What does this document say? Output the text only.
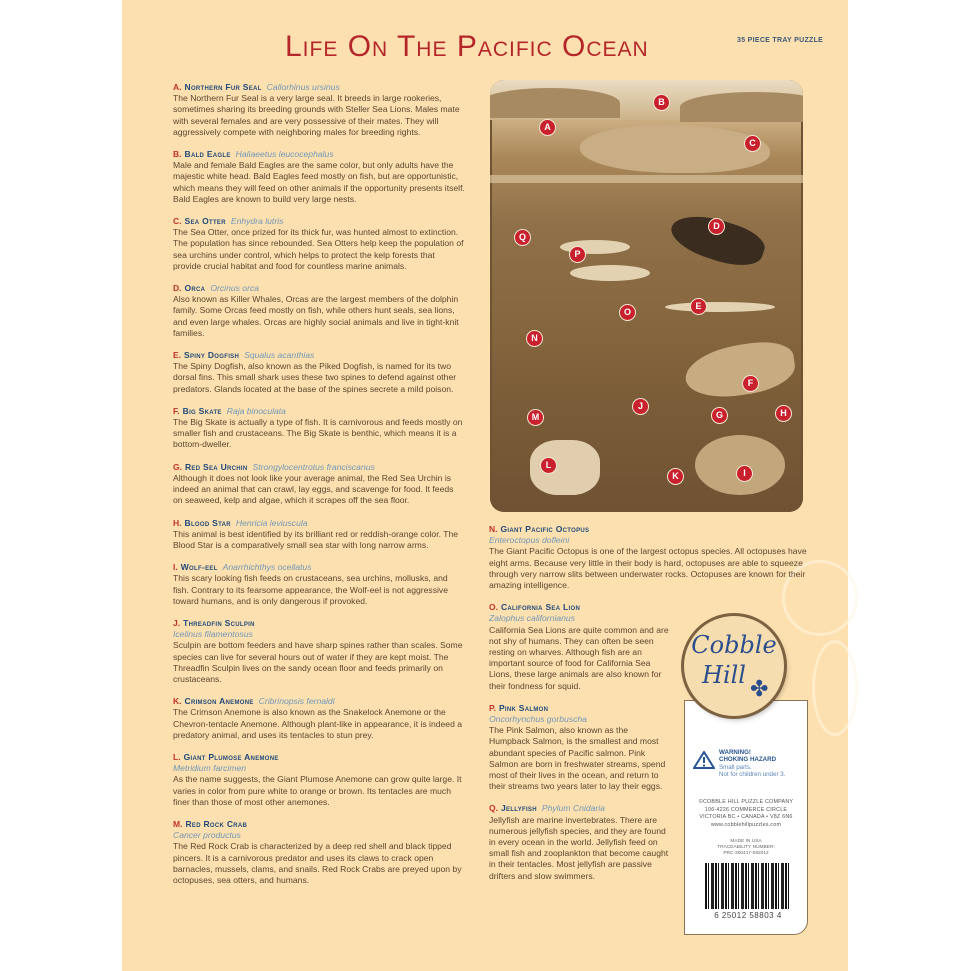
Life On The Pacific Ocean	35 PIECE TRAY PUZZLE
A. Northern Fur Seal Callorhinus ursinus
The Northern Fur Seal is a very large seal. It breeds in large rookeries, sometimes sharing its breeding grounds with Steller Sea Lions. Males mate with several females and are very possessive of their mates. They will aggressively compete with neighboring males for breeding rights.
B. Bald Eagle Haliaeetus leucocephalus
Male and female Bald Eagles are the same color, but only adults have the majestic white head. Bald Eagles feed mostly on fish, but are opportunistic, which means they will feed on other animals if the opportunity presents itself. Bald Eagles are known to build very large nests.
C. Sea Otter Enhydra lutris
The Sea Otter, once prized for its thick fur, was hunted almost to extinction. The population has since rebounded. Sea Otters help keep the population of sea urchins under control, which helps to protect the kelp forests that provide crucial habitat and food for countless marine animals.
D. Orca Orcinus orca
Also known as Killer Whales, Orcas are the largest members of the dolphin family. Some Orcas feed mostly on fish, while others hunt seals, sea lions, and even large whales. Orcas are highly social animals and live in tight-knit families.
E. Spiny Dogfish Squalus acanthias
The Spiny Dogfish, also known as the Piked Dogfish, is named for its two dorsal fins. This small shark uses these two spines to defend against other predators. Glands located at the base of the spines secrete a mild poison.
F. Big Skate Raja binoculata
The Big Skate is actually a type of fish. It is carnivorous and feeds mostly on smaller fish and crustaceans. The Big Skate is benthic, which means it is a bottom-dweller.
G. Red Sea Urchin Strongylocentrotus franciscanus
Although it does not look like your average animal, the Red Sea Urchin is indeed an animal that can crawl, lay eggs, and scavenge for food. It feeds on seaweed, kelp and algae, which it scrapes off the sea floor.
H. Blood Star Henricia leviuscula
This animal is best identified by its brilliant red or reddish-orange color. The Blood Star is a comparatively small sea star with long narrow arms.
I. Wolf-eel Anarrhichthys ocellatus
This scary looking fish feeds on crustaceans, sea urchins, mollusks, and fish. Contrary to its fearsome appearance, the Wolf-eel is not aggressive toward humans, and is only dangerous if provoked.
J. Threadfin Sculpin
Icelinus filamentosus
Sculpin are bottom feeders and have sharp spines rather than scales. Some species can live for several hours out of water if they are kept moist. The Threadfin Sculpin lives on the sandy ocean floor and feeds primarily on crustaceans.
K. Crimson Anemone Cribrinopsis fernaldi
The Crimson Anemone is also known as the Snakelock Anemone or the Chevron-tentacle Anemone. Although plant-like in appearance, it is indeed a predatory animal, and uses its tentacles to stun prey.
L. Giant Plumose Anemone
Metridium farcimen
As the name suggests, the Giant Plumose Anemone can grow quite large. It varies in color from pure white to orange or brown. Its tentacles are much finer than those of most other anemones.
M. Red Rock Crab
Cancer productus
The Red Rock Crab is characterized by a deep red shell and black tipped pincers. It is a carnivorous predator and uses its claws to crack open barnacles, mussels, clams, and snails. Red Rock Crabs are preyed upon by octopuses, sea otters, and humans.
N. Giant Pacific Octopus
Enteroctopus dofleini
The Giant Pacific Octopus is one of the largest octopus species. All octopuses have eight arms. Because very little in their body is hard, octopuses are able to squeeze through very narrow slits between underwater rocks. Octopuses are known for their amazing intelligence.
O. California Sea Lion
Zalophus californianus
California Sea Lions are quite common and are not shy of humans. They can often be seen resting on wharves. Although fish are an important source of food for California Sea Lions, these large animals are also known for their fondness for squid.
P. Pink Salmon
Oncorhynchus gorbuscha
The Pink Salmon, also known as the Humpback Salmon, is the smallest and most abundant species of Pacific salmon. Pink Salmon are born in freshwater streams, spend most of their lives in the ocean, and return to their streams two years later to lay their eggs.
Q. Jellyfish Phylum Cnidaria
Jellyfish are marine invertebrates. There are numerous jellyfish species, and they are found in every ocean in the world. Jellyfish feed on small fish and zooplankton that become caught in their tentacles. Most jellyfish are passive drifters and slow swimmers.
A
B
C
D
Q
P
O
E
N
F
J
M	G	H
L
K	I
WARNING!
CHOKING HAZARD
Small parts.
Not for children under 3.
©COBBLE HILL PUZZLE COMPANY
106-4226 COMMERCE CIRCLE
VICTORIA BC • CANADA • V8Z 6N6
www.cobblehillpuzzles.com
MADE IN USA
TRACEABILITY NUMBER:
PRC-300417-082012
6 25012 58803 4
Cobble
Hill ✤
